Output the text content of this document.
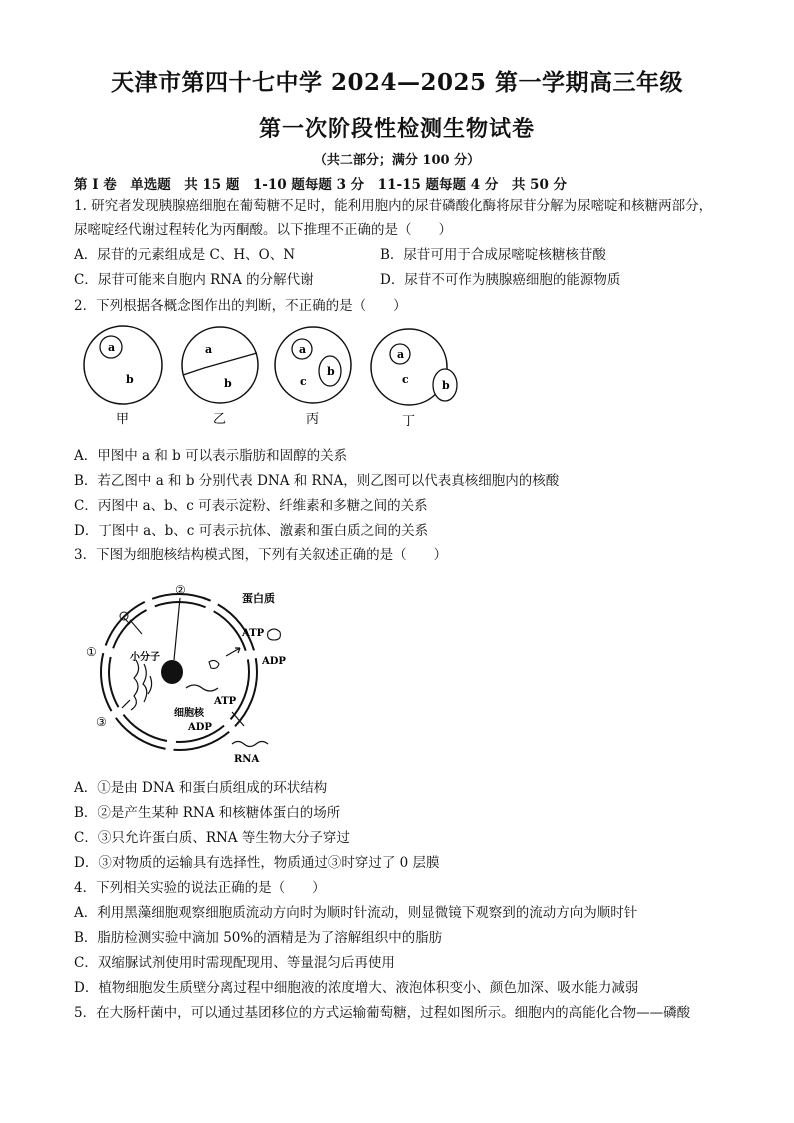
天津市第四十七中学 2024—2025 第一学期高三年级
第一次阶段性检测生物试卷
（共二部分；满分 100 分）
第 I 卷　单选题　共 15 题　1-10 题每题 3 分　11-15 题每题 4 分　共 50 分
1. 研究者发现胰腺癌细胞在葡萄糖不足时，能利用胞内的尿苷磷酸化酶将尿苷分解为尿嘧啶和核糖两部分，
尿嘧啶经代谢过程转化为丙酮酸。以下推理不正确的是（　　）
A．尿苷的元素组成是 C、H、O、N	B．尿苷可用于合成尿嘧啶核糖核苷酸
C．尿苷可能来自胞内 RNA 的分解代谢	D．尿苷不可作为胰腺癌细胞的能源物质
2．下列根据各概念图作出的判断，不正确的是（　　）
a
b
甲
a
b
乙
a
c
b
丙
a
c	b
丁
A．甲图中 a 和 b 可以表示脂肪和固醇的关系
B．若乙图中 a 和 b 分别代表 DNA 和 RNA，则乙图可以代表真核细胞内的核酸
C．丙图中 a、b、c 可表示淀粉、纤维素和多糖之间的关系
D．丁图中 a、b、c 可表示抗体、激素和蛋白质之间的关系
3．下图为细胞核结构模式图，下列有关叙述正确的是（　　）
②
①
③
蛋白质
ATP
ADP
小分子
ATP
细胞核
ADP
RNA
A．①是由 DNA 和蛋白质组成的环状结构
B．②是产生某种 RNA 和核糖体蛋白的场所
C．③只允许蛋白质、RNA 等生物大分子穿过
D．③对物质的运输具有选择性，物质通过③时穿过了 0 层膜
4．下列相关实验的说法正确的是（　　）
A．利用黑藻细胞观察细胞质流动方向时为顺时针流动，则显微镜下观察到的流动方向为顺时针
B．脂肪检测实验中滴加 50%的酒精是为了溶解组织中的脂肪
C．双缩脲试剂使用时需现配现用、等量混匀后再使用
D．植物细胞发生质壁分离过程中细胞液的浓度增大、液泡体积变小、颜色加深、吸水能力减弱
5．在大肠杆菌中，可以通过基团移位的方式运输葡萄糖，过程如图所示。细胞内的高能化合物——磷酸
